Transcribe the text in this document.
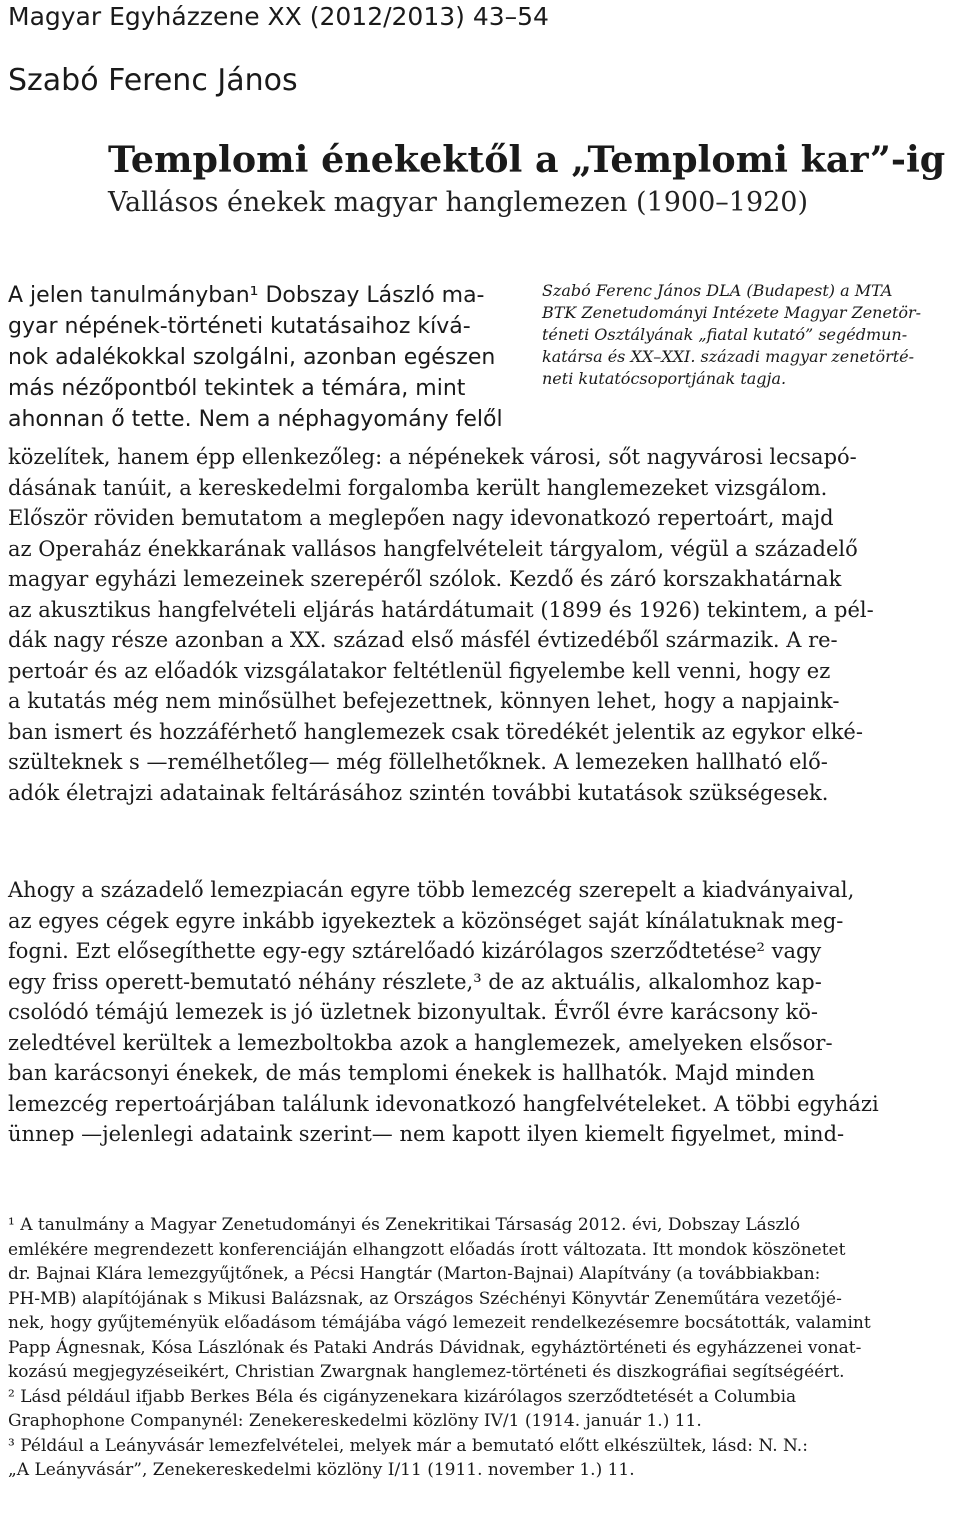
Magyar Egyházzene XX (2012/2013) 43–54
Szabó Ferenc János
Templomi énekektől a „Templomi kar”-ig
Vallásos énekek magyar hanglemezen (1900–1920)
A jelen tanulmányban¹ Dobszay László ma-
gyar népének-történeti kutatásaihoz kívá-
nok adalékokkal szolgálni, azonban egészen
más nézőpontból tekintek a témára, mint
ahonnan ő tette. Nem a néphagyomány felől
Szabó Ferenc János DLA (Budapest) a MTA
BTK Zenetudományi Intézete Magyar Zenetör-
téneti Osztályának „fiatal kutató” segédmun-
katársa és XX–XXI. századi magyar zenetörté-
neti kutatócsoportjának tagja.
közelítek, hanem épp ellenkezőleg: a népénekek városi, sőt nagyvárosi lecsapó-
dásának tanúit, a kereskedelmi forgalomba került hanglemezeket vizsgálom.
Először röviden bemutatom a meglepően nagy idevonatkozó repertoárt, majd
az Operaház énekkarának vallásos hangfelvételeit tárgyalom, végül a századelő
magyar egyházi lemezeinek szerepéről szólok. Kezdő és záró korszakhatárnak
az akusztikus hangfelvételi eljárás határdátumait (1899 és 1926) tekintem, a pél-
dák nagy része azonban a XX. század első másfél évtizedéből származik. A re-
pertoár és az előadók vizsgálatakor feltétlenül figyelembe kell venni, hogy ez
a kutatás még nem minősülhet befejezettnek, könnyen lehet, hogy a napjaink-
ban ismert és hozzáférhető hanglemezek csak töredékét jelentik az egykor elké-
szülteknek s —remélhetőleg— még föllelhetőknek. A lemezeken hallható elő-
adók életrajzi adatainak feltárásához szintén további kutatások szükségesek.
Ahogy a századelő lemezpiacán egyre több lemezcég szerepelt a kiadványaival,
az egyes cégek egyre inkább igyekeztek a közönséget saját kínálatuknak meg-
fogni. Ezt elősegíthette egy-egy sztárelőadó kizárólagos szerződtetése² vagy
egy friss operett-bemutató néhány részlete,³ de az aktuális, alkalomhoz kap-
csolódó témájú lemezek is jó üzletnek bizonyultak. Évről évre karácsony kö-
zeledtével kerültek a lemezboltokba azok a hanglemezek, amelyeken elsősor-
ban karácsonyi énekek, de más templomi énekek is hallhatók. Majd minden
lemezcég repertoárjában találunk idevonatkozó hangfelvételeket. A többi egyházi
ünnep —jelenlegi adataink szerint— nem kapott ilyen kiemelt figyelmet, mind-
¹ A tanulmány a Magyar Zenetudományi és Zenekritikai Társaság 2012. évi, Dobszay László
emlékére megrendezett konferenciáján elhangzott előadás írott változata. Itt mondok köszönetet
dr. Bajnai Klára lemezgyűjtőnek, a Pécsi Hangtár (Marton-Bajnai) Alapítvány (a továbbiakban:
PH-MB) alapítójának s Mikusi Balázsnak, az Országos Széchényi Könyvtár Zeneműtára vezetőjé-
nek, hogy gyűjteményük előadásom témájába vágó lemezeit rendelkezésemre bocsátották, valamint
Papp Ágnesnak, Kósa Lászlónak és Pataki András Dávidnak, egyháztörténeti és egyházzenei vonat-
kozású megjegyzéseikért, Christian Zwargnak hanglemez-történeti és diszkográfiai segítségéért.
² Lásd például ifjabb Berkes Béla és cigányzenekara kizárólagos szerződtetését a Columbia
Graphophone Companynél: Zenekereskedelmi közlöny IV/1 (1914. január 1.) 11.
³ Például a Leányvásár lemezfelvételei, melyek már a bemutató előtt elkészültek, lásd: N. N.:
„A Leányvásár”, Zenekereskedelmi közlöny I/11 (1911. november 1.) 11.
